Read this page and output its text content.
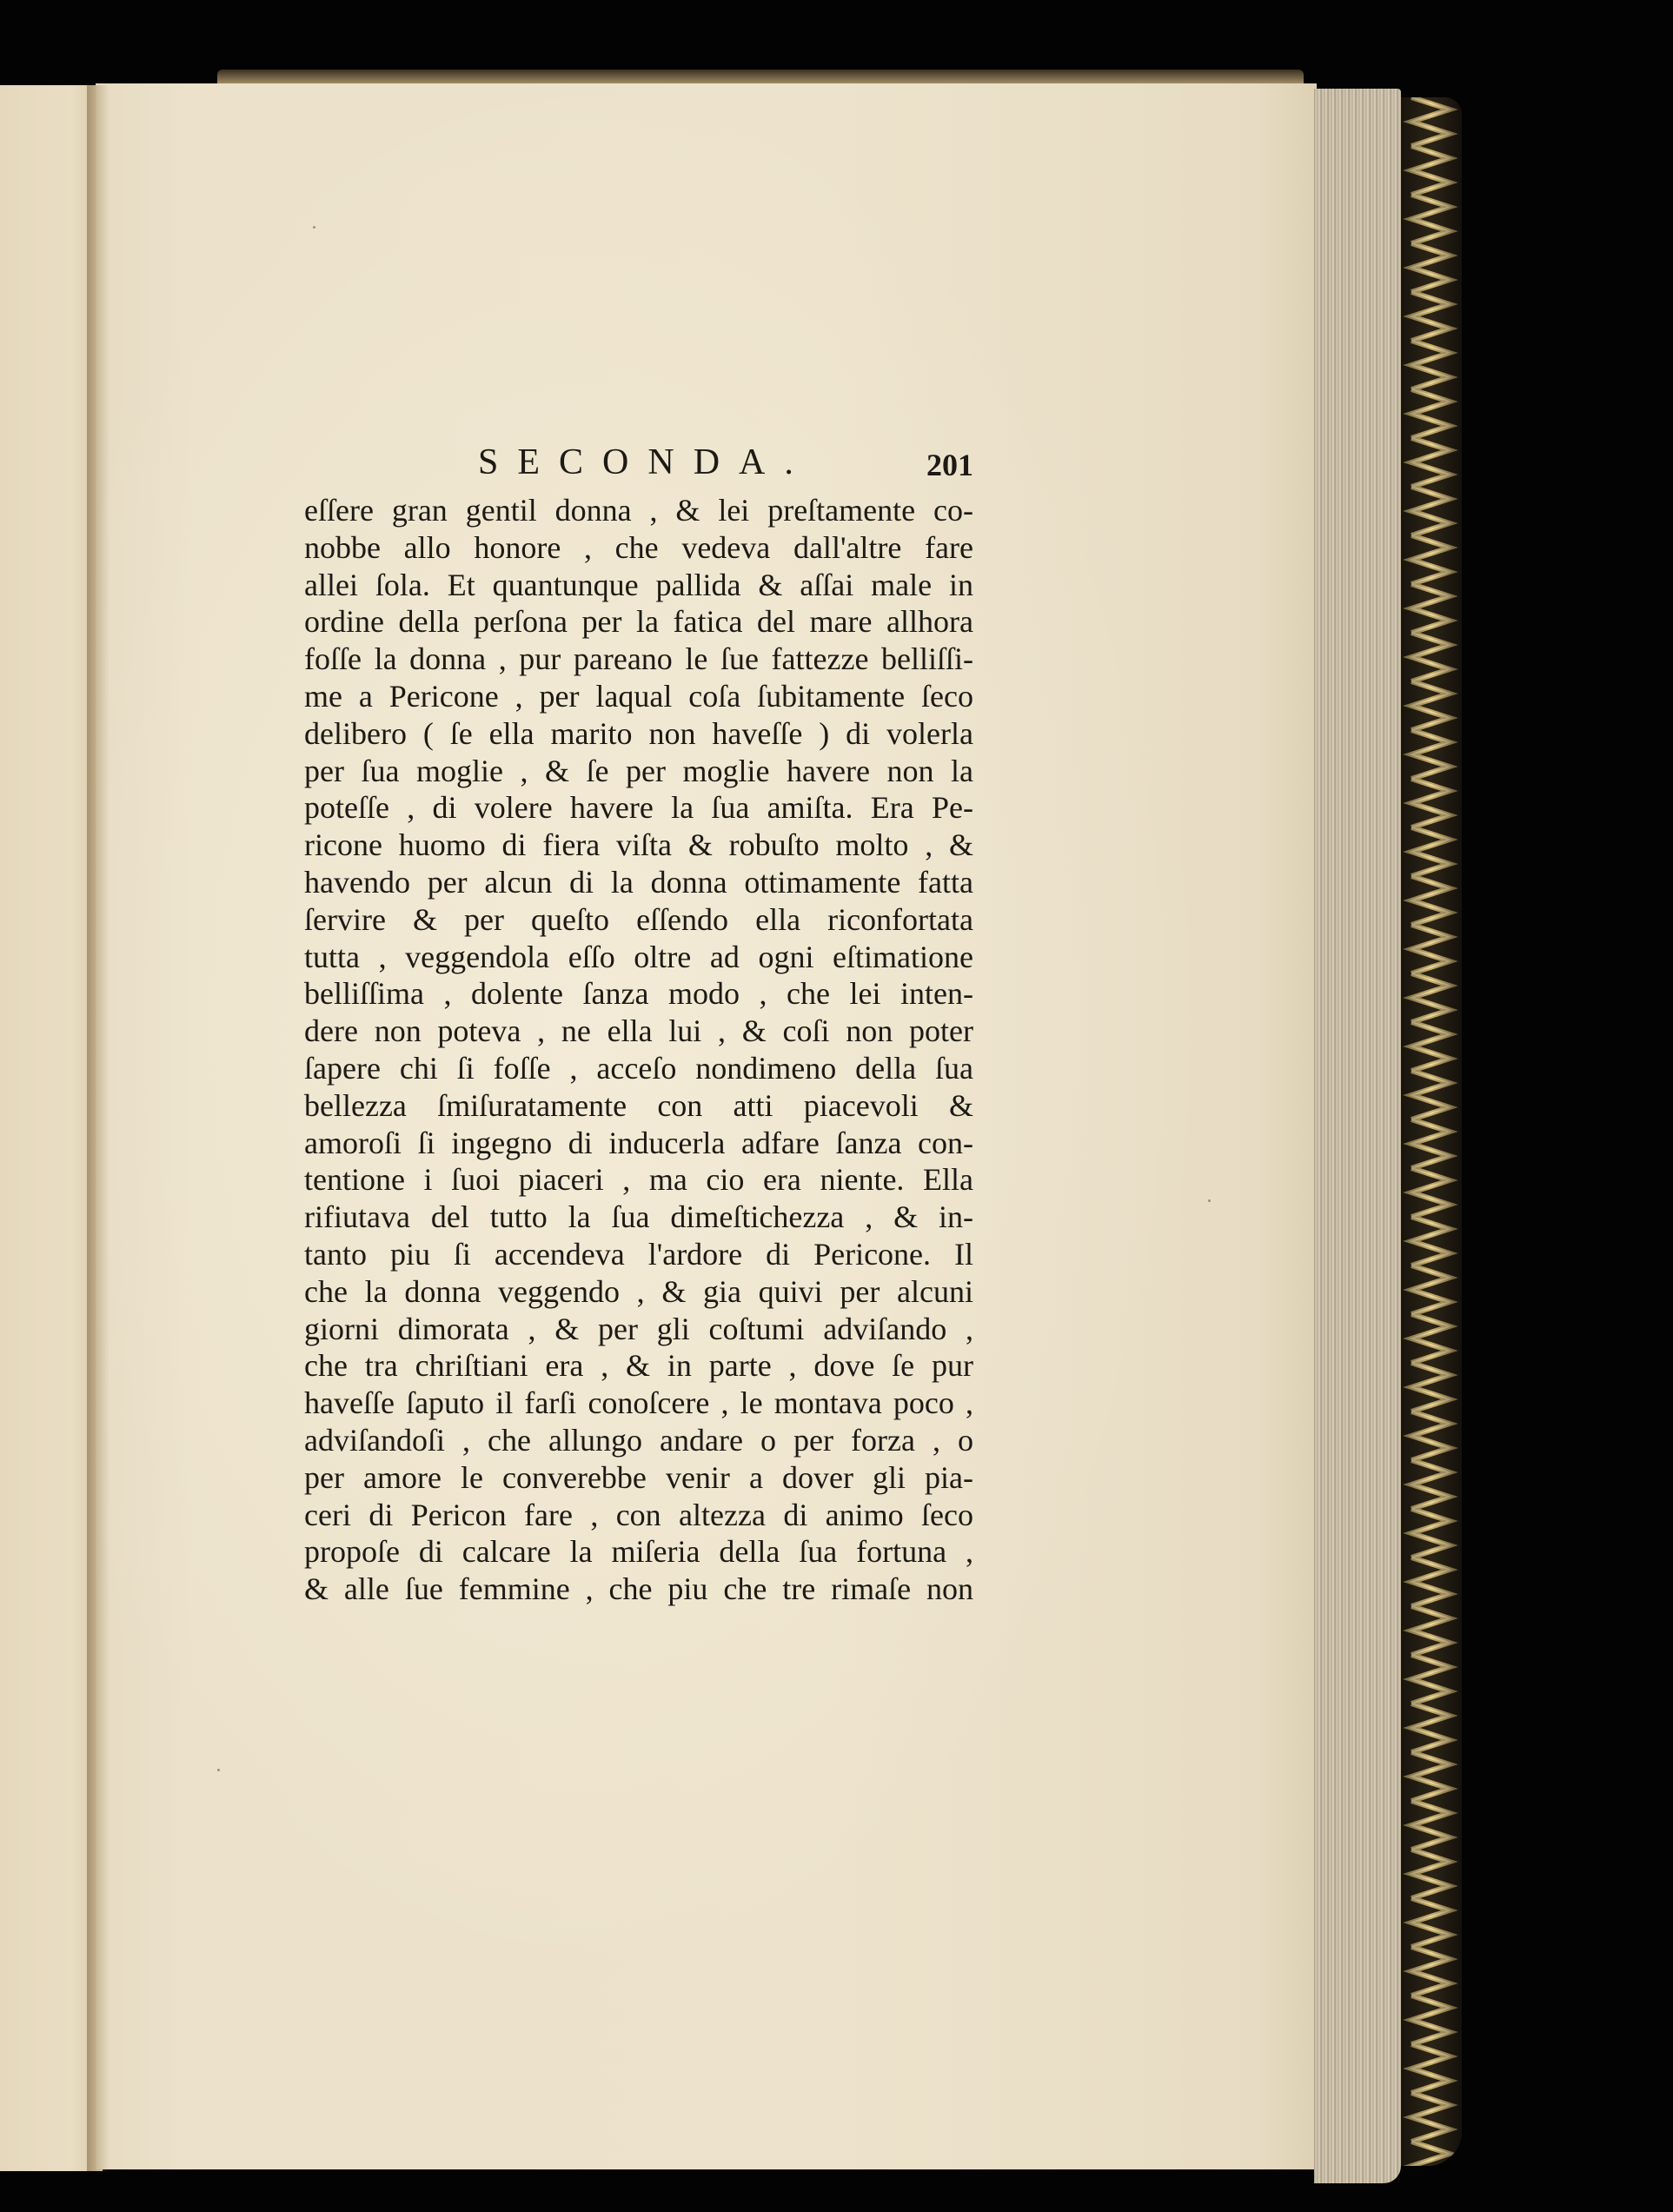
SECONDA.	201
eſſere gran gentil donna , & lei preſtamente co-
nobbe allo honore , che vedeva dall'altre fare
allei ſola. Et quantunque pallida & aſſai male in
ordine della perſona per la fatica del mare allhora
foſſe la donna , pur pareano le ſue fattezze belliſſi-
me a Pericone , per laqual coſa ſubitamente ſeco
delibero ( ſe ella marito non haveſſe ) di volerla
per ſua moglie , & ſe per moglie havere non la
poteſſe , di volere havere la ſua amiſta. Era Pe-
ricone huomo di fiera viſta & robuſto molto , &
havendo per alcun di la donna ottimamente fatta
ſervire & per queſto eſſendo ella riconfortata
tutta , veggendola eſſo oltre ad ogni eſtimatione
belliſſima , dolente ſanza modo , che lei inten-
dere non poteva , ne ella lui , & coſi non poter
ſapere chi ſi foſſe , acceſo nondimeno della ſua
bellezza ſmiſuratamente con atti piacevoli &
amoroſi ſi ingegno di inducerla adfare ſanza con-
tentione i ſuoi piaceri , ma cio era niente. Ella
rifiutava del tutto la ſua dimeſtichezza , & in-
tanto piu ſi accendeva l'ardore di Pericone. Il
che la donna veggendo , & gia quivi per alcuni
giorni dimorata , & per gli coſtumi adviſando ,
che tra chriſtiani era , & in parte , dove ſe pur
haveſſe ſaputo il farſi conoſcere , le montava poco ,
adviſandoſi , che allungo andare o per forza , o
per amore le converebbe venir a dover gli pia-
ceri di Pericon fare , con altezza di animo ſeco
propoſe di calcare la miſeria della ſua fortuna ,
& alle ſue femmine , che piu che tre rimaſe non
